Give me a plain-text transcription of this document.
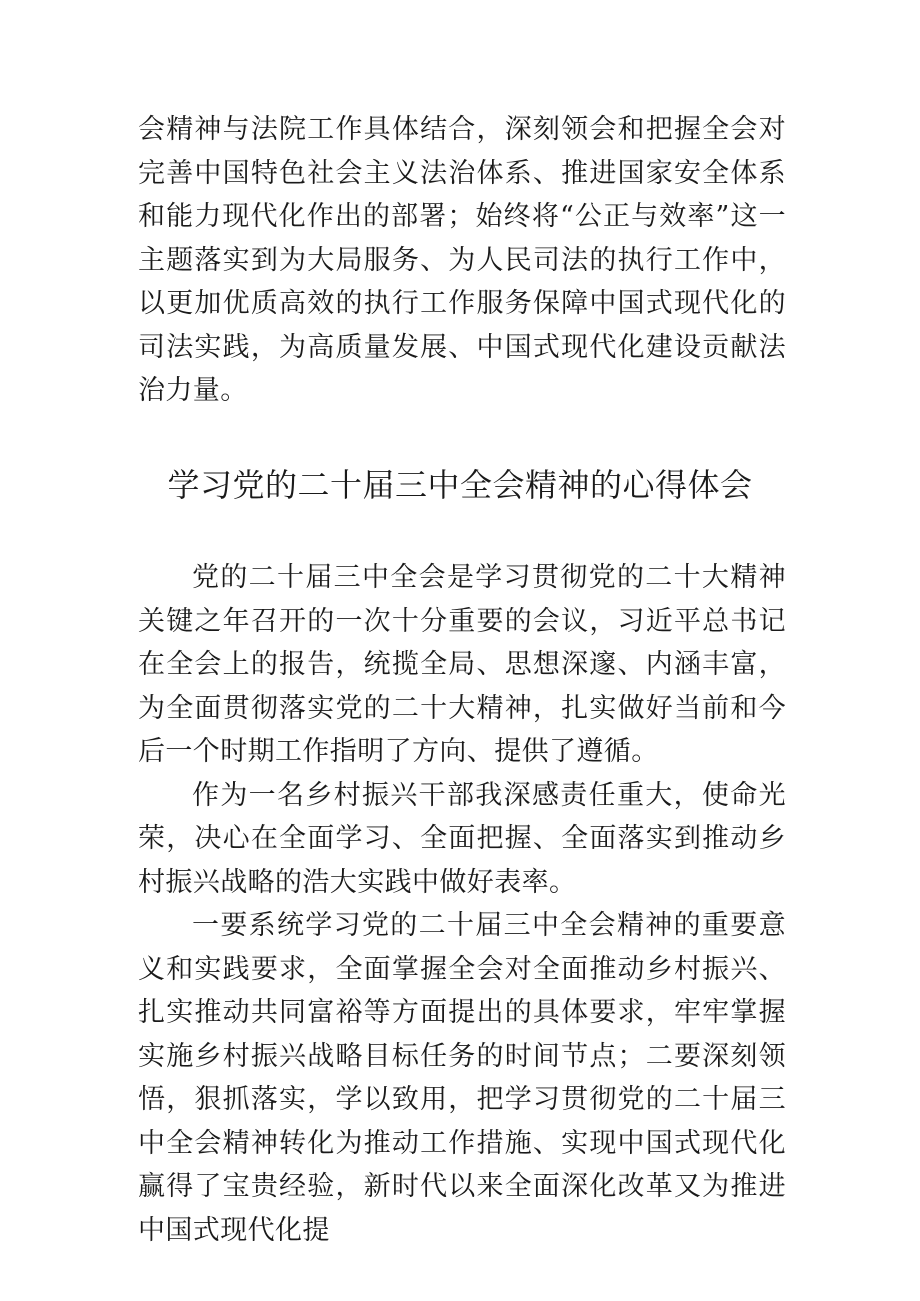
会精神与法院工作具体结合，深刻领会和把握全会对完善中国特色社会主义法治体系、推进国家安全体系和能力现代化作出的部署；始终将“公正与效率”这一主题落实到为大局服务、为人民司法的执行工作中，以更加优质高效的执行工作服务保障中国式现代化的司法实践，为高质量发展、中国式现代化建设贡献法治力量。

学习党的二十届三中全会精神的心得体会

党的二十届三中全会是学习贯彻党的二十大精神关键之年召开的一次十分重要的会议，习近平总书记在全会上的报告，统揽全局、思想深邃、内涵丰富，为全面贯彻落实党的二十大精神，扎实做好当前和今后一个时期工作指明了方向、提供了遵循。

作为一名乡村振兴干部我深感责任重大，使命光荣，决心在全面学习、全面把握、全面落实到推动乡村振兴战略的浩大实践中做好表率。

一要系统学习党的二十届三中全会精神的重要意义和实践要求，全面掌握全会对全面推动乡村振兴、扎实推动共同富裕等方面提出的具体要求，牢牢掌握实施乡村振兴战略目标任务的时间节点；二要深刻领悟，狠抓落实，学以致用，把学习贯彻党的二十届三中全会精神转化为推动工作措施、实现中国式现代化赢得了宝贵经验，新时代以来全面深化改革又为推进中国式现代化提
